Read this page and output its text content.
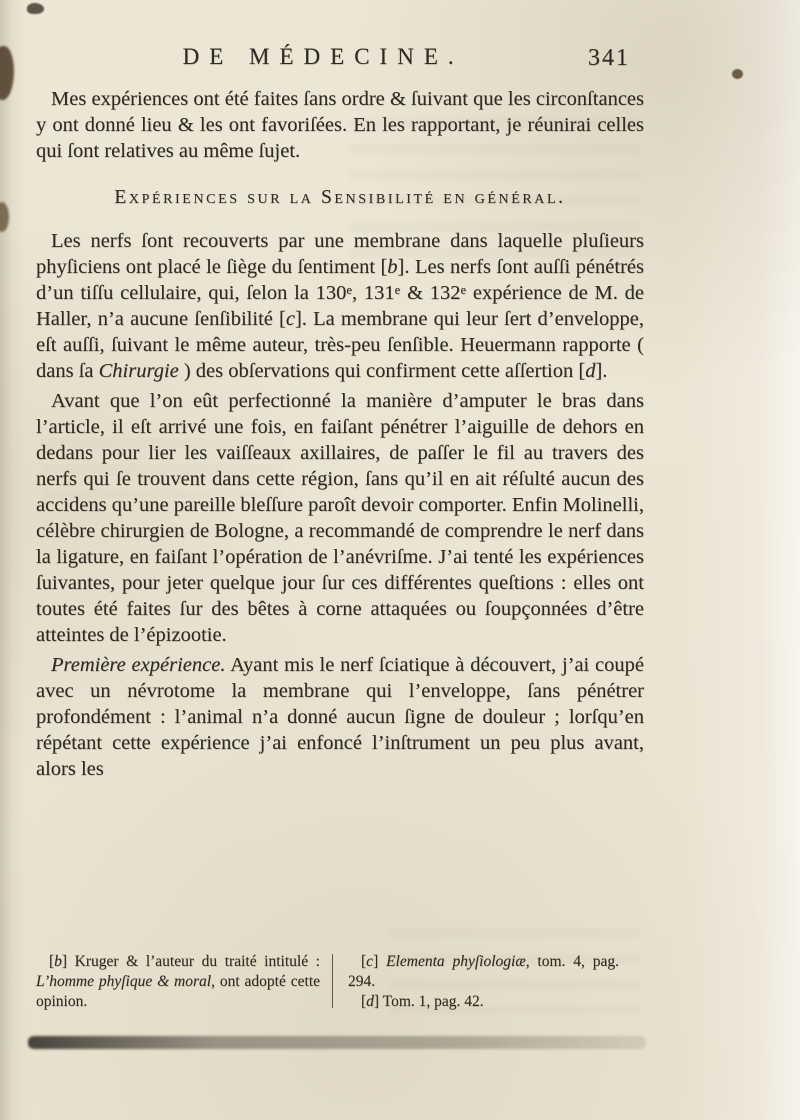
DE MÉDECINE.	341

Mes expériences ont été faites ſans ordre & ſuivant que les circonſtances y ont donné lieu & les ont favoriſées. En les rapportant, je réunirai celles qui ſont relatives au même ſujet.

Expériences sur la Sensibilité en général.

Les nerfs ſont recouverts par une membrane dans laquelle pluſieurs phyſiciens ont placé le ſiège du ſentiment [b]. Les nerfs ſont auſſi pénétrés d’un tiſſu cellulaire, qui, ſelon la 130e, 131e & 132e expérience de M. de Haller, n’a aucune ſenſibilité [c]. La membrane qui leur ſert d’enveloppe, eſt auſſi, ſuivant le même auteur, très-peu ſenſible. Heuermann rapporte ( dans ſa Chirurgie ) des obſervations qui confirment cette aſſertion [d].

Avant que l’on eût perfectionné la manière d’amputer le bras dans l’article, il eſt arrivé une fois, en faiſant pénétrer l’aiguille de dehors en dedans pour lier les vaiſſeaux axillaires, de paſſer le fil au travers des nerfs qui ſe trouvent dans cette région, ſans qu’il en ait réſulté aucun des accidens qu’une pareille bleſſure paroît devoir comporter. Enfin Molinelli, célèbre chirurgien de Bologne, a recommandé de comprendre le nerf dans la ligature, en faiſant l’opération de l’anévriſme. J’ai tenté les expériences ſuivantes, pour jeter quelque jour ſur ces différentes queſtions : elles ont toutes été faites ſur des bêtes à corne attaquées ou ſoupçonnées d’être atteintes de l’épizootie.

Première expérience. Ayant mis le nerf ſciatique à découvert, j’ai coupé avec un névrotome la membrane qui l’enveloppe, ſans pénétrer profondément : l’animal n’a donné aucun ſigne de douleur ; lorſqu’en répétant cette expérience j’ai enfoncé l’inſtrument un peu plus avant, alors les

[b] Kruger & l’auteur du traité intitulé : L’homme phyſique & moral, ont adopté cette opinion.

[c] Elementa phyſiologiæ, tom. 4, pag. 294.

[d] Tom. 1, pag. 42.
